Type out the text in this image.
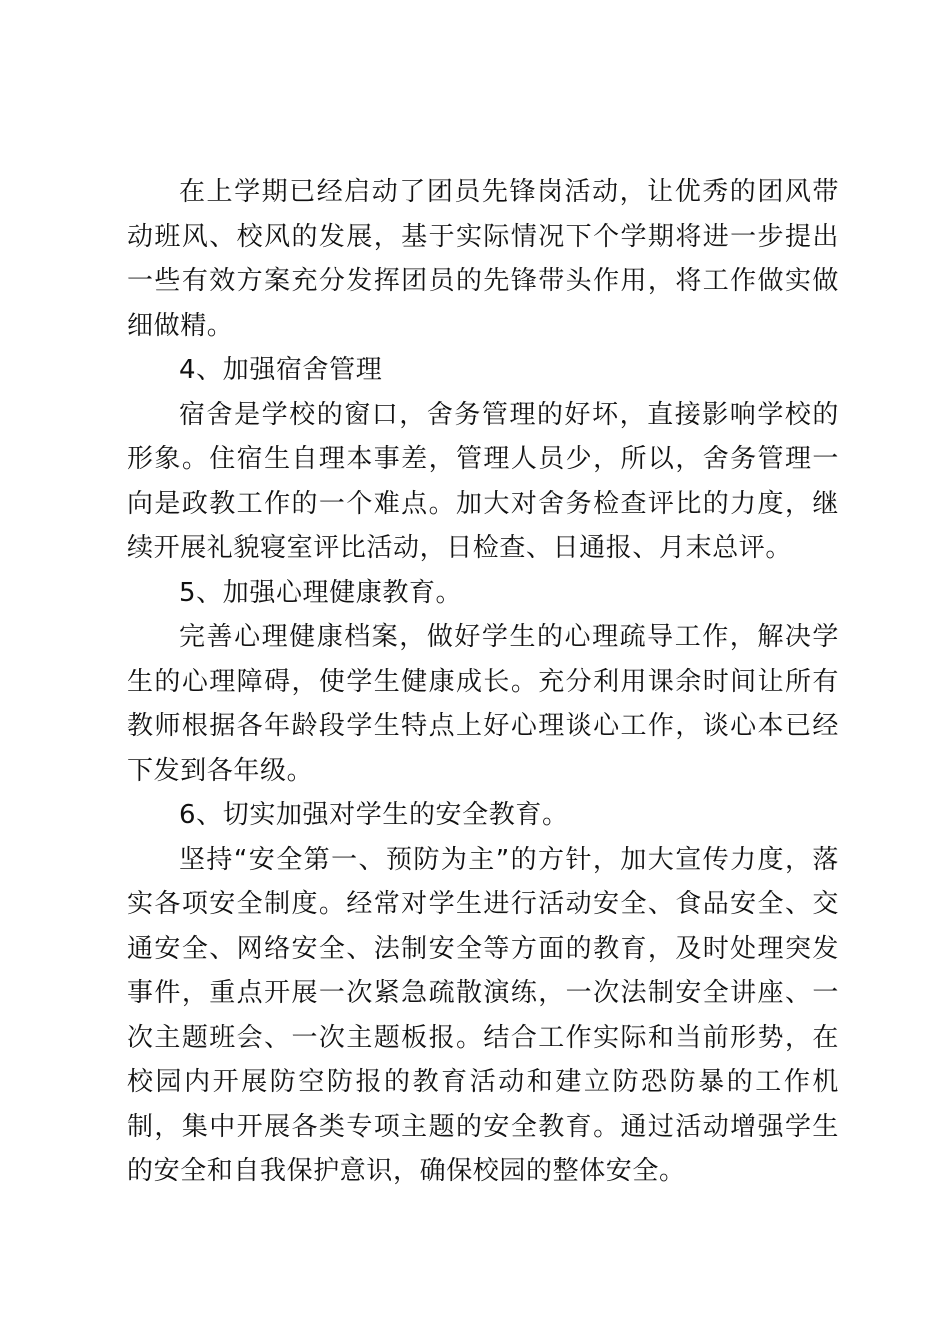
在上学期已经启动了团员先锋岗活动，让优秀的团风带动班风、校风的发展，基于实际情况下个学期将进一步提出一些有效方案充分发挥团员的先锋带头作用，将工作做实做细做精。

4、加强宿舍管理

宿舍是学校的窗口，舍务管理的好坏，直接影响学校的形象。住宿生自理本事差，管理人员少，所以，舍务管理一向是政教工作的一个难点。加大对舍务检查评比的力度，继续开展礼貌寝室评比活动，日检查、日通报、月末总评。

5、加强心理健康教育。

完善心理健康档案，做好学生的心理疏导工作，解决学生的心理障碍，使学生健康成长。充分利用课余时间让所有教师根据各年龄段学生特点上好心理谈心工作，谈心本已经下发到各年级。

6、切实加强对学生的安全教育。

坚持“安全第一、预防为主”的方针，加大宣传力度，落实各项安全制度。经常对学生进行活动安全、食品安全、交通安全、网络安全、法制安全等方面的教育，及时处理突发事件，重点开展一次紧急疏散演练，一次法制安全讲座、一次主题班会、一次主题板报。结合工作实际和当前形势，在校园内开展防空防报的教育活动和建立防恐防暴的工作机制，集中开展各类专项主题的安全教育。通过活动增强学生的安全和自我保护意识，确保校园的整体安全。
